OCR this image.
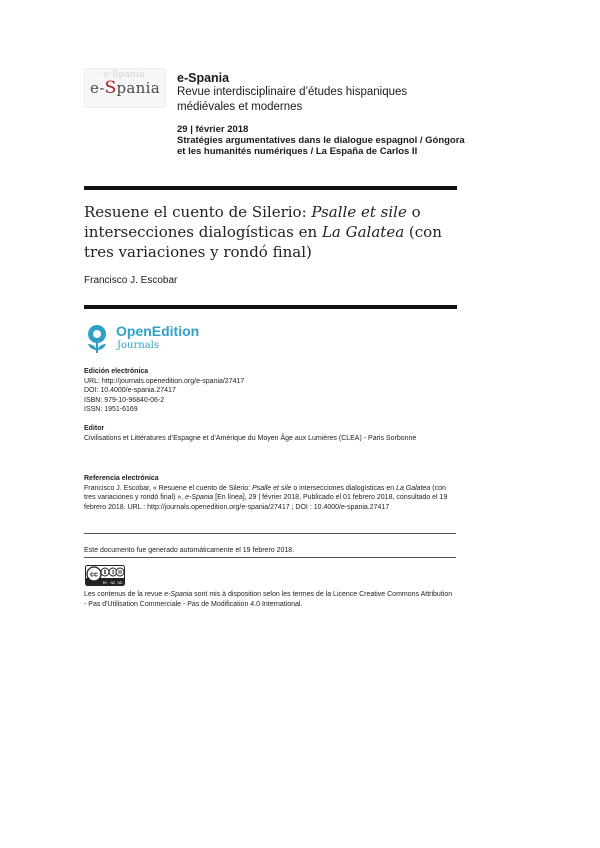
e-Spania
e-Spania
e-Spania
Revue interdisciplinaire d’études hispaniques médiévales et modernes
29 | février 2018
Stratégies argumentatives dans le dialogue espagnol / Góngora et les humanités numériques / La España de Carlos II
Resuene el cuento de Silerio: Psalle et sile o intersecciones dialogísticas en La Galatea (con tres variaciones y rondó final)
Francisco J. Escobar
OpenEdition
Journals
Edición electrónica
URL: http://journals.openedition.org/e-spania/27417
DOI: 10.4000/e-spania.27417
ISBN: 979-10-96840-06-2
ISSN: 1951-6169
Editor
Civilisations et Littératures d’Espagne et d’Amérique du Moyen Âge aux Lumières (CLEA) - Paris Sorbonne
Referencia electrónica
Francisco J. Escobar, « Resuene el cuento de Silerio: Psalle et sile o intersecciones dialogísticas en La Galatea (con tres variaciones y rondó final) », e-Spania [En línea], 29 | février 2018, Publicado el 01 febrero 2018, consultado el 19 febrero 2018. URL : http://journals.openedition.org/e-spania/27417 ; DOI : 10.4000/e-spania.27417
Este documento fue generado automáticamente el 19 febrero 2018.
cc	$
BY NC ND
Les contenus de la revue e-Spania sont mis à disposition selon les termes de la Licence Creative Commons Attribution - Pas d'Utilisation Commerciale - Pas de Modification 4.0 International.
